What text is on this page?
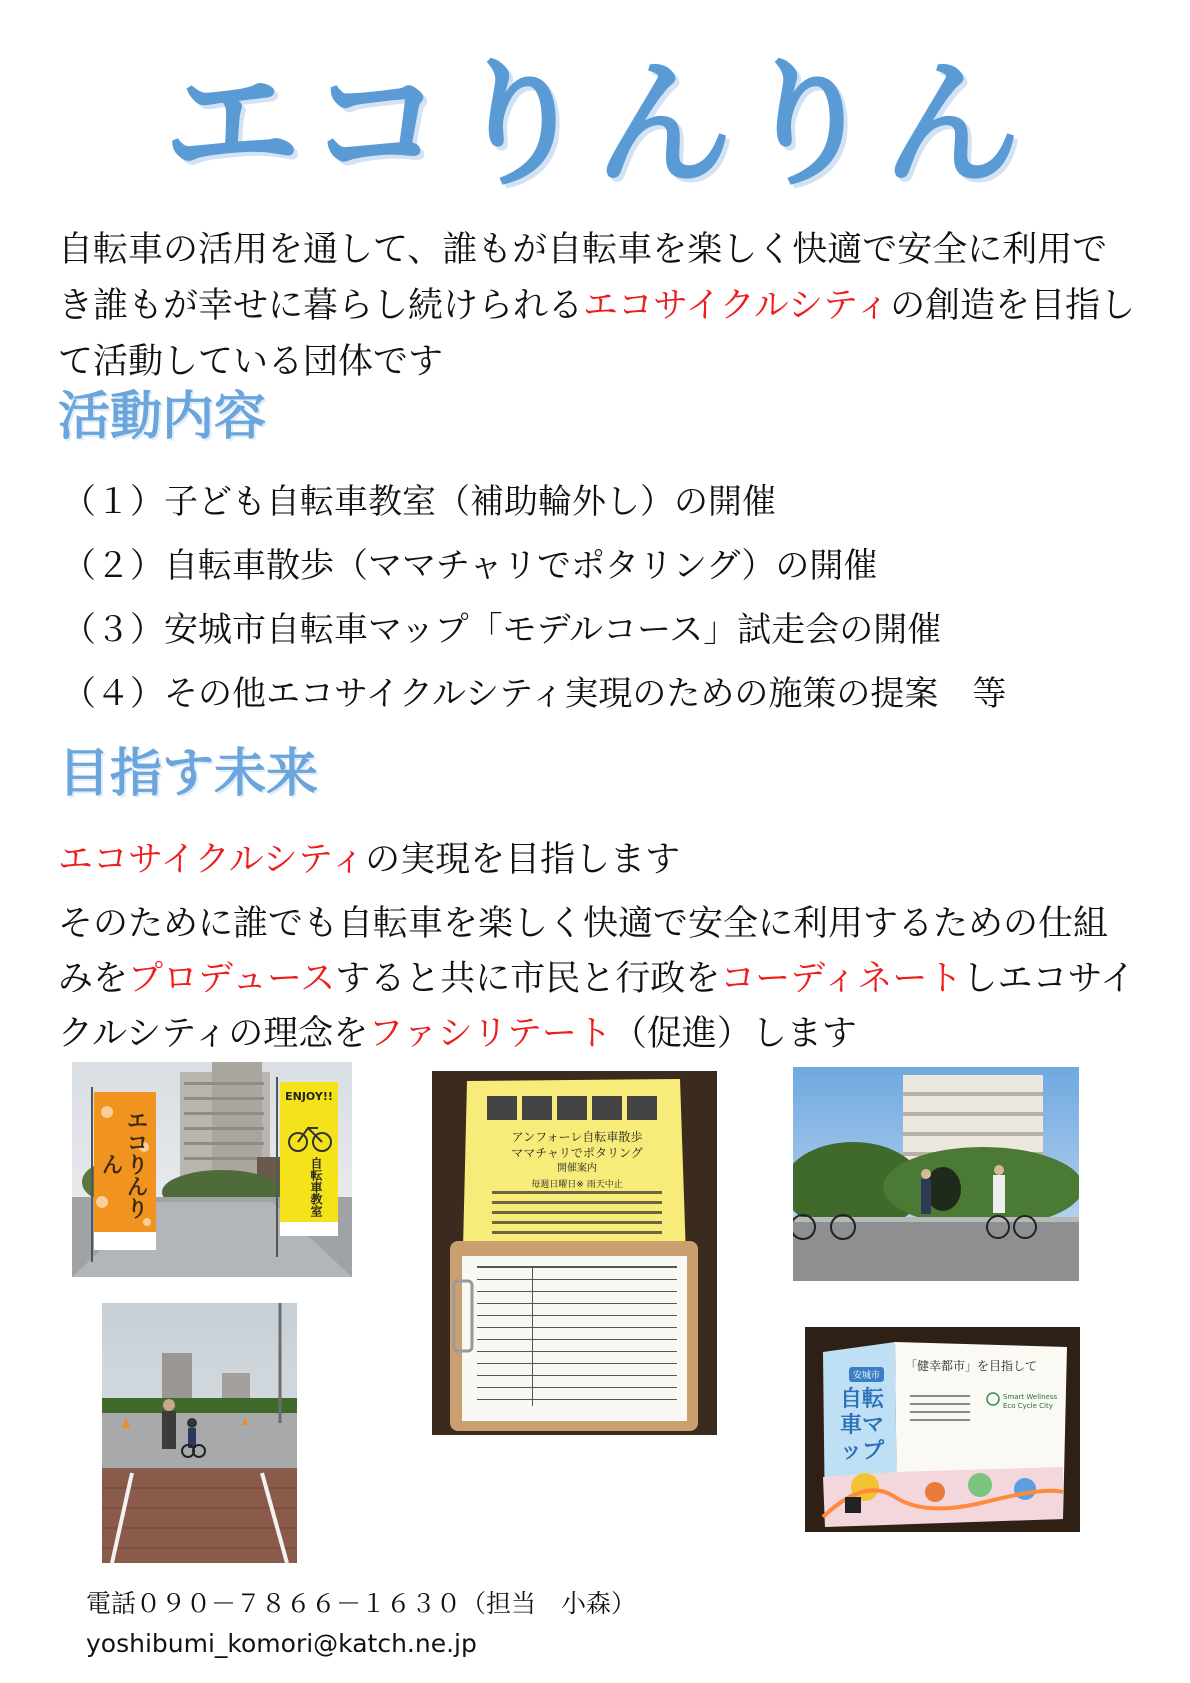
エコりんりん

自転車の活用を通して、誰もが自転車を楽しく快適で安全に利用でき誰もが幸せに暮らし続けられるエコサイクルシティの創造を目指して活動している団体です

活動内容
（１）子ども自転車教室（補助輪外し）の開催
（２）自転車散歩（ママチャリでポタリング）の開催
（３）安城市自転車マップ「モデルコース」試走会の開催
（４）その他エコサイクルシティ実現のための施策の提案　等
目指す未来

エコサイクルシティの実現を目指します

そのために誰でも自転車を楽しく快適で安全に利用するための仕組みをプロデュースすると共に市民と行政をコーディネートしエコサイクルシティの理念をファシリテート（促進）します

エコりんりん
ENJOY!!
自転車教室
アンフォーレ自転車散歩
ママチャリでポタリング
開催案内
毎週日曜日※ 雨天中止
安城市
自転車マップ
「健幸都市」を目指して
Smart Wellness
Eco Cycle City

電話０９０－７８６６－１６３０（担当　小森）

yoshibumi_komori@katch.ne.jp
